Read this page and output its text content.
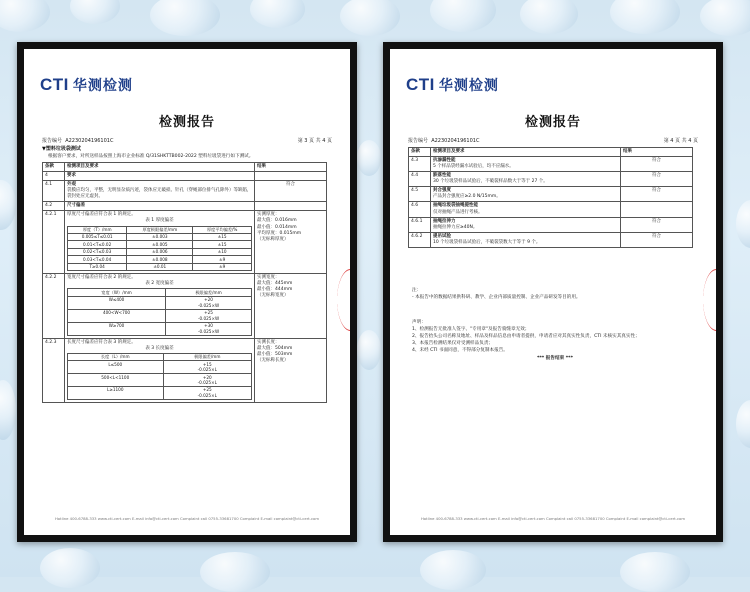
CTI 华测检测
检测报告
报告编号 A2230204196101C	第 3 页 共 4 页
▼塑料垃圾袋测试
根据客户要求，对所送样品按照上海市企业标准 Q/31SHKTTB002-2022 塑料垃圾袋进行如下测试。
条款	检测项目及要求	结果
4	要求	
4.1	外观
袋膜应均匀，平整，无明显杂质污迹，袋体应无破损、针孔（穿绳部位排气孔除外）等缺陷，袋封处应无虚封。
	符合
4.2	尺寸偏差	
4.2.1	厚度尺寸偏差应符合表 1 的规定。
表 1 厚度偏差
厚度（T）/mm	厚度极限偏差/mm	厚度平均偏差/%
0.005≤T≤0.01	±0.003	±15
0.01<T≤0.02	±0.005	±15
0.02<T≤0.03	±0.006	±10
0.03<T≤0.04	±0.008	±9
T≥0.04	±0.01	±9

实测厚度：
最大值：0.016mm
最小值：0.014mm
平均厚度：0.015mm
（无标称厚度）

4.2.2	宽度尺寸偏差应符合表 2 的规定。
表 2 宽度偏差
宽度（W）/mm	极限偏差/mm
W≤400	+20
-0.025×W

400<W<700	+25
-0.025×W

W≥700	+30
-0.025×W

实测宽度：
最大值：445mm
最小值：444mm
（无标称宽度）

4.2.3	长度尺寸偏差应符合表 3 的规定。
表 3 长度偏差
长度（L）/mm	极限偏差/mm
L≤500	+15
-0.025×L

500<L<1100	+20
-0.025×L

L≥1100	+25
-0.025×L

实测长度：
最大值：504mm
最小值：503mm
（无标称长度）
Hotline 400-6788-333 www.cti-cert.com E-mail info@cti-cert.com Complaint call 0755-33681700 Complaint E-mail complaint@cti-cert.com
CTI 华测检测
检测报告
报告编号 A2230204196101C	第 4 页 共 4 页
条款	检测项目及要求	结果
4.3	抗渗漏性能
5 个样品袋经漏水试验后，均不应漏水。	符合
4.4	跌落性能
30 个垃圾袋样品试验后，不破裂样品数大于等于 27 个。	符合
4.5	封合强度
产品封合强度应≥2.0 N/15mm。	符合
4.6	抽绳垃圾袋抽绳提性能
仅对抽绳产品进行考核。	

4.6.1	抽绳拉伸力
抽绳拉伸力应≥40N。	符合
4.6.2	提吊试验
10 个垃圾袋样品试验后，不破裂袋数大于等于 9 个。	符合
注：
- 本报告中的数据结果供科研、教学、企业内部质量控制、企业产品研发等目的用。
声明：
1、检测报告无批准人签字、"专用章"及报告骑缝章无效；
2、报告抬头公司名称及地址、样品及样品信息由申请者提供，申请者应对其真实性负责，CTI 未核实其真实性；
3、本报告检测结果仅对受测样品负责；
4、未经 CTI 书面同意，不得部分复制本报告。
*** 报告结束 ***
Hotline 400-6788-333 www.cti-cert.com E-mail info@cti-cert.com Complaint call 0755-33681700 Complaint E-mail complaint@cti-cert.com
